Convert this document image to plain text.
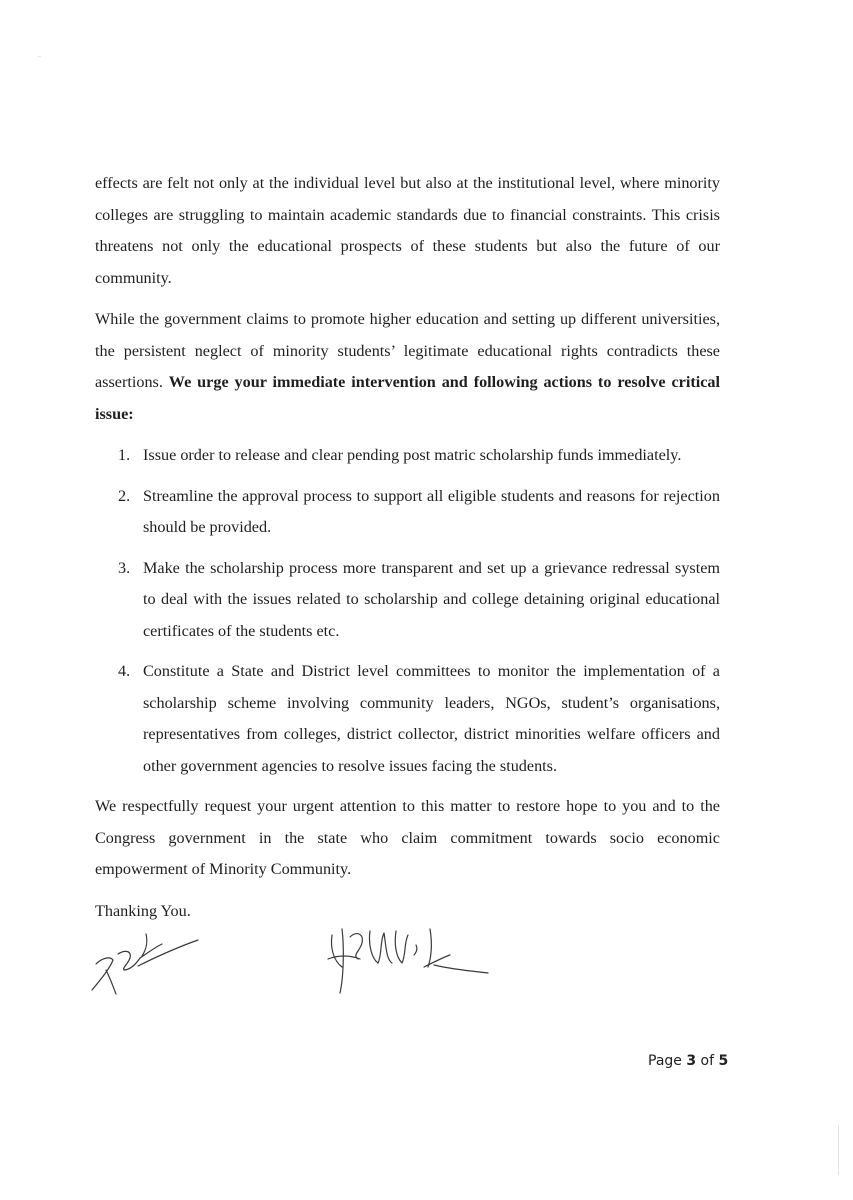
effects are felt not only at the individual level but also at the institutional level, where minority colleges are struggling to maintain academic standards due to financial constraints. This crisis threatens not only the educational prospects of these students but also the future of our community.

While the government claims to promote higher education and setting up different universities, the persistent neglect of minority students’ legitimate educational rights contradicts these assertions. We urge your immediate intervention and following actions to resolve critical issue:

1. Issue order to release and clear pending post matric scholarship funds immediately.
2. Streamline the approval process to support all eligible students and reasons for rejection should be provided.
3. Make the scholarship process more transparent and set up a grievance redressal system to deal with the issues related to scholarship and college detaining original educational certificates of the students etc.
4. Constitute a State and District level committees to monitor the implementation of a scholarship scheme involving community leaders, NGOs, student’s organisations, representatives from colleges, district collector, district minorities welfare officers and other government agencies to resolve issues facing the students.

We respectfully request your urgent attention to this matter to restore hope to you and to the Congress government in the state who claim commitment towards socio economic empowerment of Minority Community.

Thanking You.

Page 3 of 5
